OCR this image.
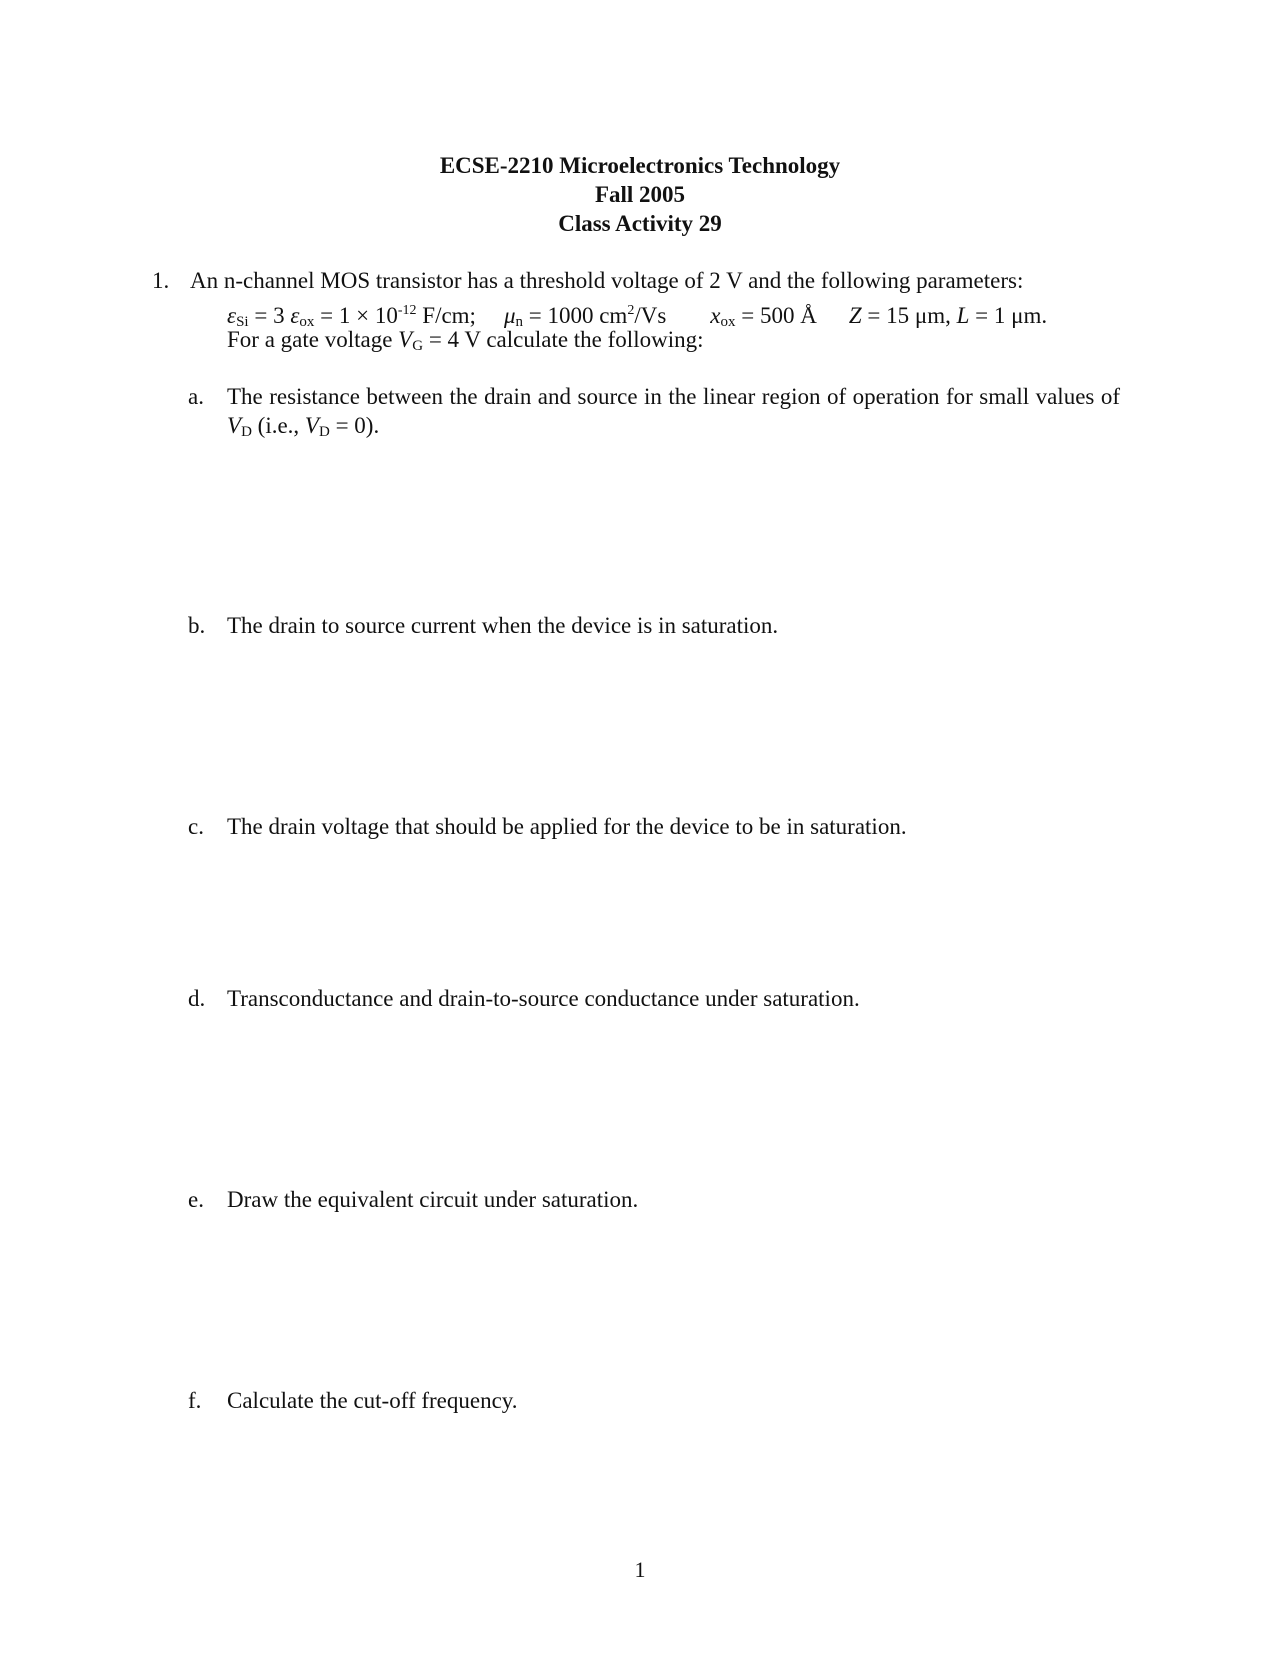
ECSE-2210 Microelectronics Technology
Fall 2005
Class Activity 29
1. An n-channel MOS transistor has a threshold voltage of 2 V and the following parameters:
$\varepsilon_{Si} = 3$ $\varepsilon_{ox} = 1 \times 10^{-12}$ F/cm; $\mu_n = 1000$ $cm^2/Vs$ $x_{ox} = 500$ Å Z = 15 μm, L = 1 μm.
For a gate voltage $V_G = 4$ V calculate the following:
a.	The resistance between the drain and source in the linear region of operation for small values of $V_D$ (i.e., $V_D = 0$).
b. The drain to source current when the device is in saturation.
c.	The drain voltage that should be applied for the device to be in saturation.
d. Transconductance and drain-to-source conductance under saturation.
e.	Draw the equivalent circuit under saturation.
f.	Calculate the cut-off frequency.
1
